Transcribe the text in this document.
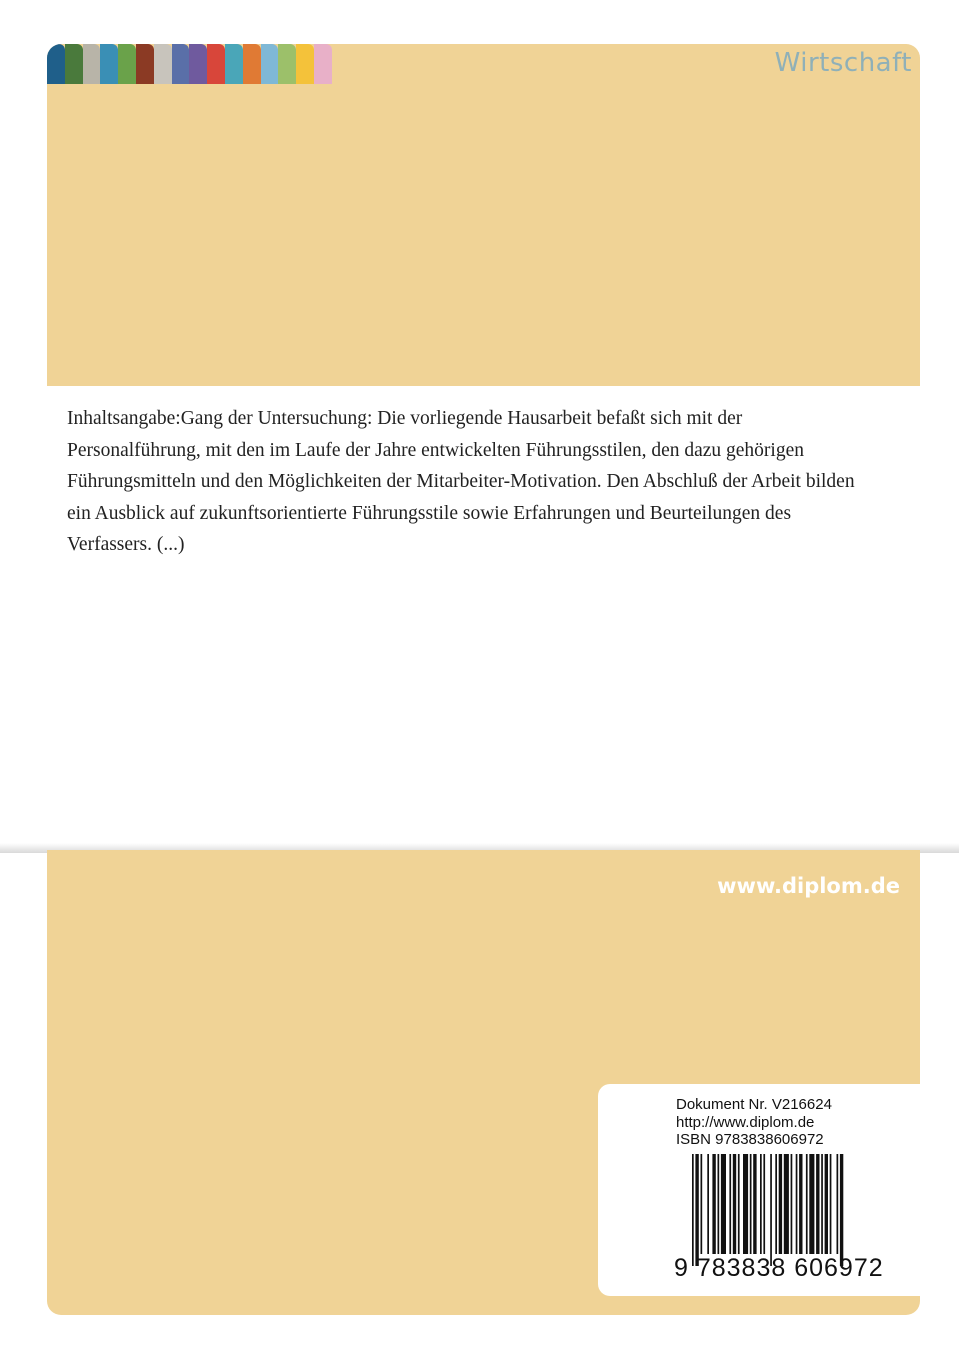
Wirtschaft

Inhaltsangabe:Gang der Untersuchung: Die vorliegende Hausarbeit befaßt sich mit der Personalführung, mit den im Laufe der Jahre entwickelten Führungsstilen, den dazu gehörigen Führungsmitteln und den Möglichkeiten der Mitarbeiter-Motivation. Den Abschluß der Arbeit bilden ein Ausblick auf zukunftsorientierte Führungsstile sowie Erfahrungen und Beurteilungen des Verfassers. (...)

www.diplom.de
Dokument Nr. V216624
http://www.diplom.de
ISBN 9783838606972
9 783838 606972
